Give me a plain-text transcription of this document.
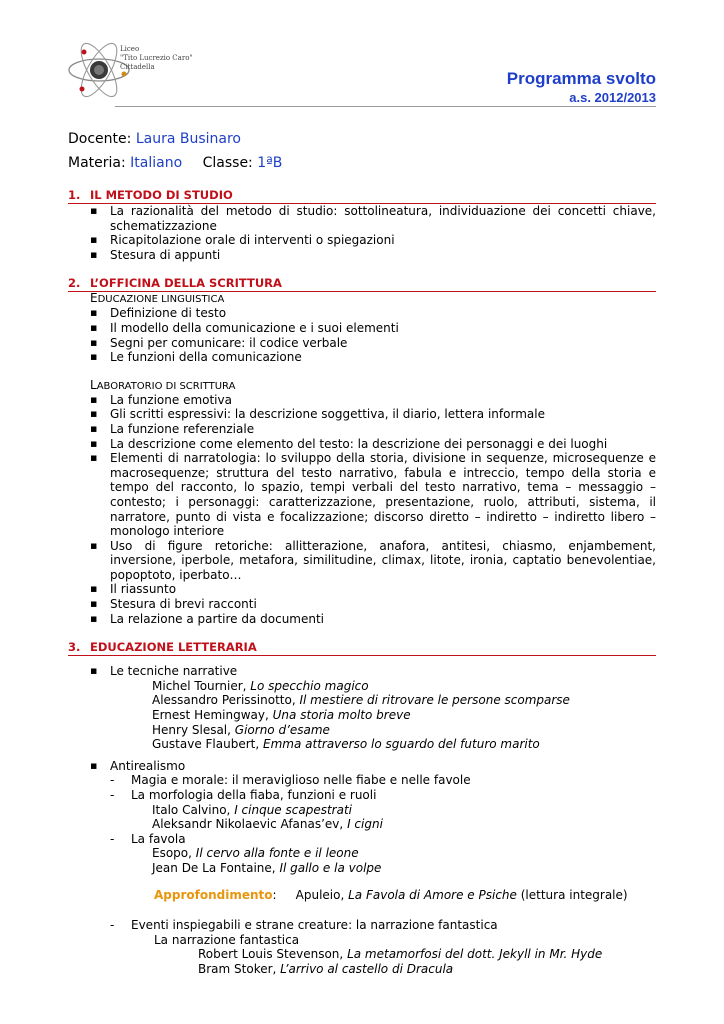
Liceo
"Tito Lucrezio Caro"
Cittadella
Programma svolto
a.s. 2012/2013
Docente: Laura Businaro
Materia: Italiano Classe: 1ªB
1. IL METODO DI STUDIO
▪ La razionalità del metodo di studio: sottolineatura, individuazione dei concetti chiave, schematizzazione
▪ Ricapitolazione orale di interventi o spiegazioni
▪ Stesura di appunti
2. L’OFFICINA DELLA SCRITTURA
EDUCAZIONE LINGUISTICA
▪ Definizione di testo
▪ Il modello della comunicazione e i suoi elementi
▪ Segni per comunicare: il codice verbale
▪ Le funzioni della comunicazione
LABORATORIO DI SCRITTURA
▪ La funzione emotiva
▪ Gli scritti espressivi: la descrizione soggettiva, il diario, lettera informale
▪ La funzione referenziale
▪ La descrizione come elemento del testo: la descrizione dei personaggi e dei luoghi
▪ Elementi di narratologia: lo sviluppo della storia, divisione in sequenze, microsequenze e macrosequenze; struttura del testo narrativo, fabula e intreccio, tempo della storia e tempo del racconto, lo spazio, tempi verbali del testo narrativo, tema – messaggio – contesto; i personaggi: caratterizzazione, presentazione, ruolo, attributi, sistema, il narratore, punto di vista e focalizzazione; discorso diretto – indiretto – indiretto libero – monologo interiore
▪ Uso di figure retoriche: allitterazione, anafora, antitesi, chiasmo, enjambement, inversione, iperbole, metafora, similitudine, climax, litote, ironia, captatio benevolentiae, popoptoto, iperbato…
▪ Il riassunto
▪ Stesura di brevi racconti
▪ La relazione a partire da documenti
3. EDUCAZIONE LETTERARIA
▪ Le tecniche narrative
Michel Tournier, Lo specchio magico
Alessandro Perissinotto, Il mestiere di ritrovare le persone scomparse
Ernest Hemingway, Una storia molto breve
Henry Slesal, Giorno d’esame
Gustave Flaubert, Emma attraverso lo sguardo del futuro marito
▪ Antirealismo
- Magia e morale: il meraviglioso nelle fiabe e nelle favole
- La morfologia della fiaba, funzioni e ruoli
Italo Calvino, I cinque scapestrati
Aleksandr Nikolaevic Afanas’ev, I cigni
- La favola
Esopo, Il cervo alla fonte e il leone
Jean De La Fontaine, Il gallo e la volpe
Approfondimento: Apuleio, La Favola di Amore e Psiche (lettura integrale)
- Eventi inspiegabili e strane creature: la narrazione fantastica
La narrazione fantastica
Robert Louis Stevenson, La metamorfosi del dott. Jekyll in Mr. Hyde
Bram Stoker, L’arrivo al castello di Dracula
